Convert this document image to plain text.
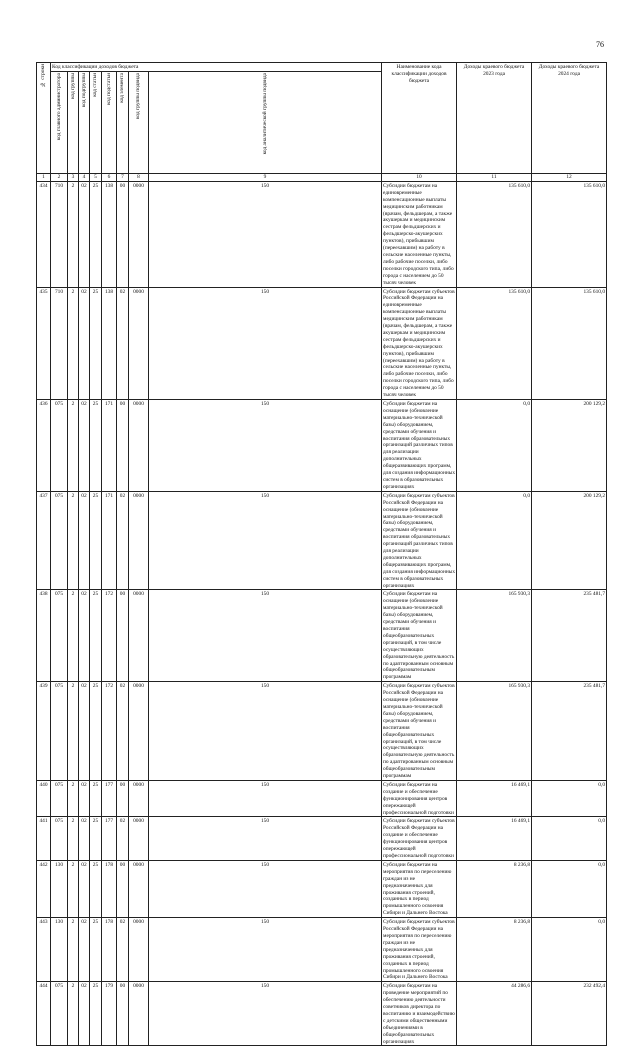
76
№ строки	Код классификации доходов бюджета								Наименование кода классификации доходов бюджета	Доходы краевого бюджета 2023 года	Доходы краевого бюджета 2024 года	

	код главного администратора	код группы	код подгруппы	код статьи	код подстатьи	код элемента	код группы подвида	код аналитической группы подвида				

1	2	3	4	5	6	7	8	9	10	11	12	
434	710	2	02	25	138	00	0000	150	Субсидии бюджетам на единовременные компенсационные выплаты медицинским работникам (врачам, фельдшерам, а также акушеркам и медицинским сестрам фельдшерских и фельдшерско-акушерских пунктов), прибывшим (переехавшим) на работу в сельские населенные пункты, либо рабочие поселки, либо поселки городского типа, либо города с населением до 50 тысяч человек	135 610,0	135 610,0	
435	710	2	02	25	138	02	0000	150	Субсидии бюджетам субъектов Российской Федерации на единовременные компенсационные выплаты медицинским работникам (врачам, фельдшерам, а также акушеркам и медицинским сестрам фельдшерских и фельдшерско-акушерских пунктов), прибывшим (переехавшим) на работу в сельские населенные пункты, либо рабочие поселки, либо поселки городского типа, либо города с населением до 50 тысяч человек	135 610,0	135 610,0	
436	075	2	02	25	171	00	0000	150	Субсидии бюджетам на оснащение (обновление материально-технической базы) оборудованием, средствами обучения и воспитания образовательных организаций различных типов для реализации дополнительных общеразвивающих программ, для создания информационных систем в образовательных организациях	0,0	200 129,2	
437	075	2	02	25	171	02	0000	150	Субсидии бюджетам субъектов Российской Федерации на оснащение (обновление материально-технической базы) оборудованием, средствами обучения и воспитания образовательных организаций различных типов для реализации дополнительных общеразвивающих программ, для создания информационных систем в образовательных организациях	0,0	200 129,2	
438	075	2	02	25	172	00	0000	150	Субсидии бюджетам на оснащение (обновление материально-технической базы) оборудованием, средствами обучения и воспитания общеобразовательных организаций, в том числе осуществляющих образовательную деятельность по адаптированным основным общеобразовательным программам	165 930,3	235 481,7	
439	075	2	02	25	172	02	0000	150	Субсидии бюджетам субъектов Российской Федерации на оснащение (обновление материально-технической базы) оборудованием, средствами обучения и воспитания общеобразовательных организаций, в том числе осуществляющих образовательную деятельность по адаптированным основным общеобразовательным программам	165 930,3	235 481,7	
440	075	2	02	25	177	00	0000	150	Субсидии бюджетам на создание и обеспечение функционирования центров опережающей профессиональной подготовки	16 469,1	0,0	
441	075	2	02	25	177	02	0000	150	Субсидии бюджетам субъектов Российской Федерации на создание и обеспечение функционирования центров опережающей профессиональной подготовки	16 469,1	0,0	
442	130	2	02	25	178	00	0000	150	Субсидии бюджетам на мероприятия по переселению граждан из не предназначенных для проживания строений, созданных в период промышленного освоения Сибири и Дальнего Востока	8 236,8	0,0	
443	130	2	02	25	178	02	0000	150	Субсидии бюджетам субъектов Российской Федерации на мероприятия по переселению граждан из не предназначенных для проживания строений, созданных в период промышленного освоения Сибири и Дальнего Востока	8 236,8	0,0	
444	075	2	02	25	179	00	0000	150	Субсидии бюджетам на проведение мероприятий по обеспечению деятельности советников директора по воспитанию и взаимодействию с детскими общественными объединениями в общеобразовательных организациях	44 286,6	232 492,4	
